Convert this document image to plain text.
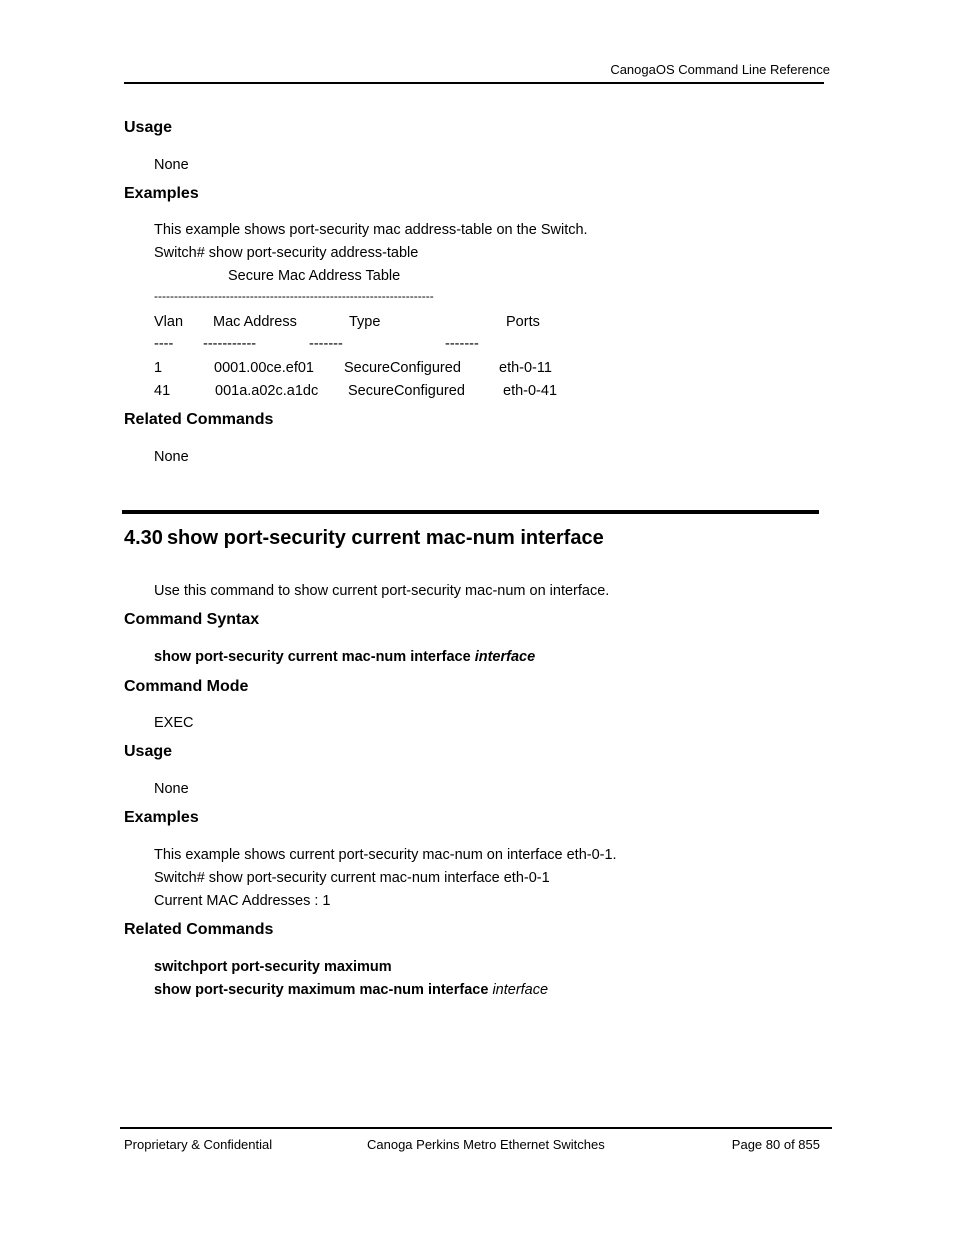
CanogaOS Command Line Reference
Usage
None
Examples
This example shows port-security mac address-table on the Switch.
Switch# show port-security address-table
Secure Mac Address Table
----------------------------------------------------------------------
Vlan Mac Address	Type	Ports
---- -----------	-------	-------
1	0001.00ce.ef01 SecureConfigured	eth-0-11
41	001a.a02c.a1dc SecureConfigured	eth-0-41
Related Commands
None
4.30 show port-security current mac-num interface
Use this command to show current port-security mac-num on interface.
Command Syntax
show port-security current mac-num interface interface
Command Mode
EXEC
Usage
None
Examples
This example shows current port-security mac-num on interface eth-0-1.
Switch# show port-security current mac-num interface eth-0-1
Current MAC Addresses : 1
Related Commands
switchport port-security maximum
show port-security maximum mac-num interface interface
Proprietary & Confidential	Canoga Perkins Metro Ethernet Switches	Page 80 of 855
